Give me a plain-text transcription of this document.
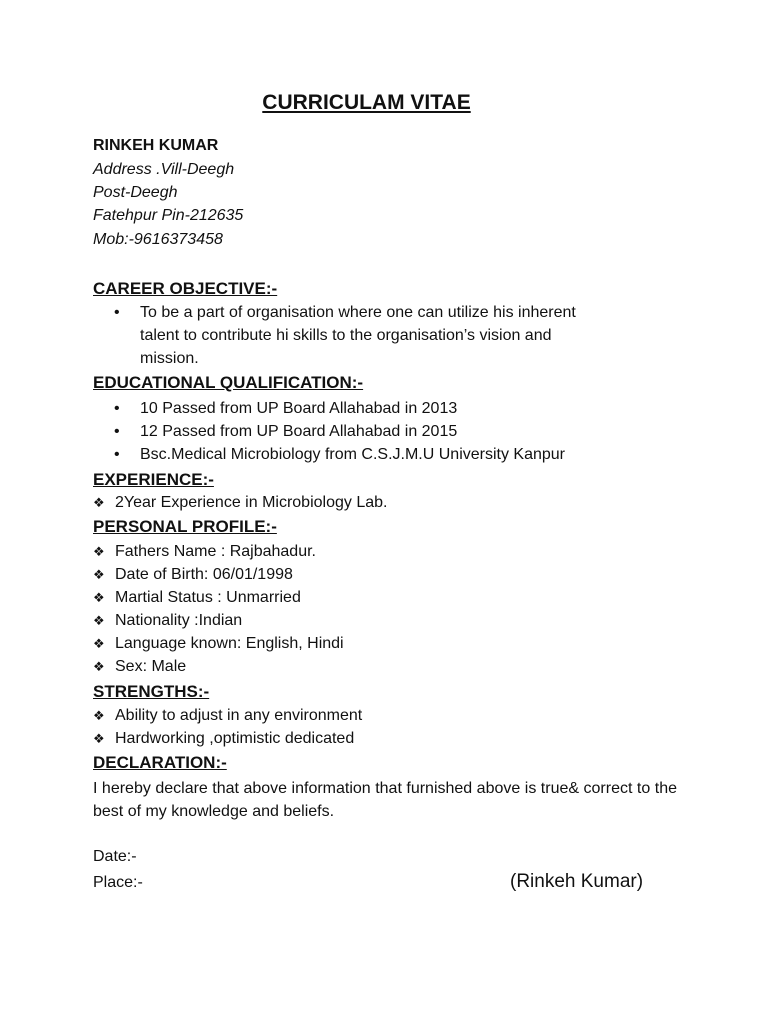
CURRICULAM VITAE

RINKEH KUMAR

Address .Vill-Deegh

Post-Deegh

Fatehpur Pin-212635

Mob:-9616373458

CAREER OBJECTIVE:-

• To be a part of organisation where one can utilize his inherent

talent to contribute hi skills to the organisation’s vision and

mission.

EDUCATIONAL QUALIFICATION:-

• 10 Passed from UP Board Allahabad in 2013

• 12 Passed from UP Board Allahabad in 2015

• Bsc.Medical Microbiology from C.S.J.M.U University Kanpur

EXPERIENCE:-

❖ 2Year Experience in Microbiology Lab.

PERSONAL PROFILE:-

❖ Fathers Name : Rajbahadur.

❖ Date of Birth: 06/01/1998

❖ Martial Status : Unmarried

❖ Nationality :Indian

❖ Language known: English, Hindi

❖ Sex: Male

STRENGTHS:-

❖ Ability to adjust in any environment

❖ Hardworking ,optimistic dedicated

DECLARATION:-

I hereby declare that above information that furnished above is true& correct to the best of my knowledge and beliefs.

Date:-

Place:-	(Rinkeh Kumar)
